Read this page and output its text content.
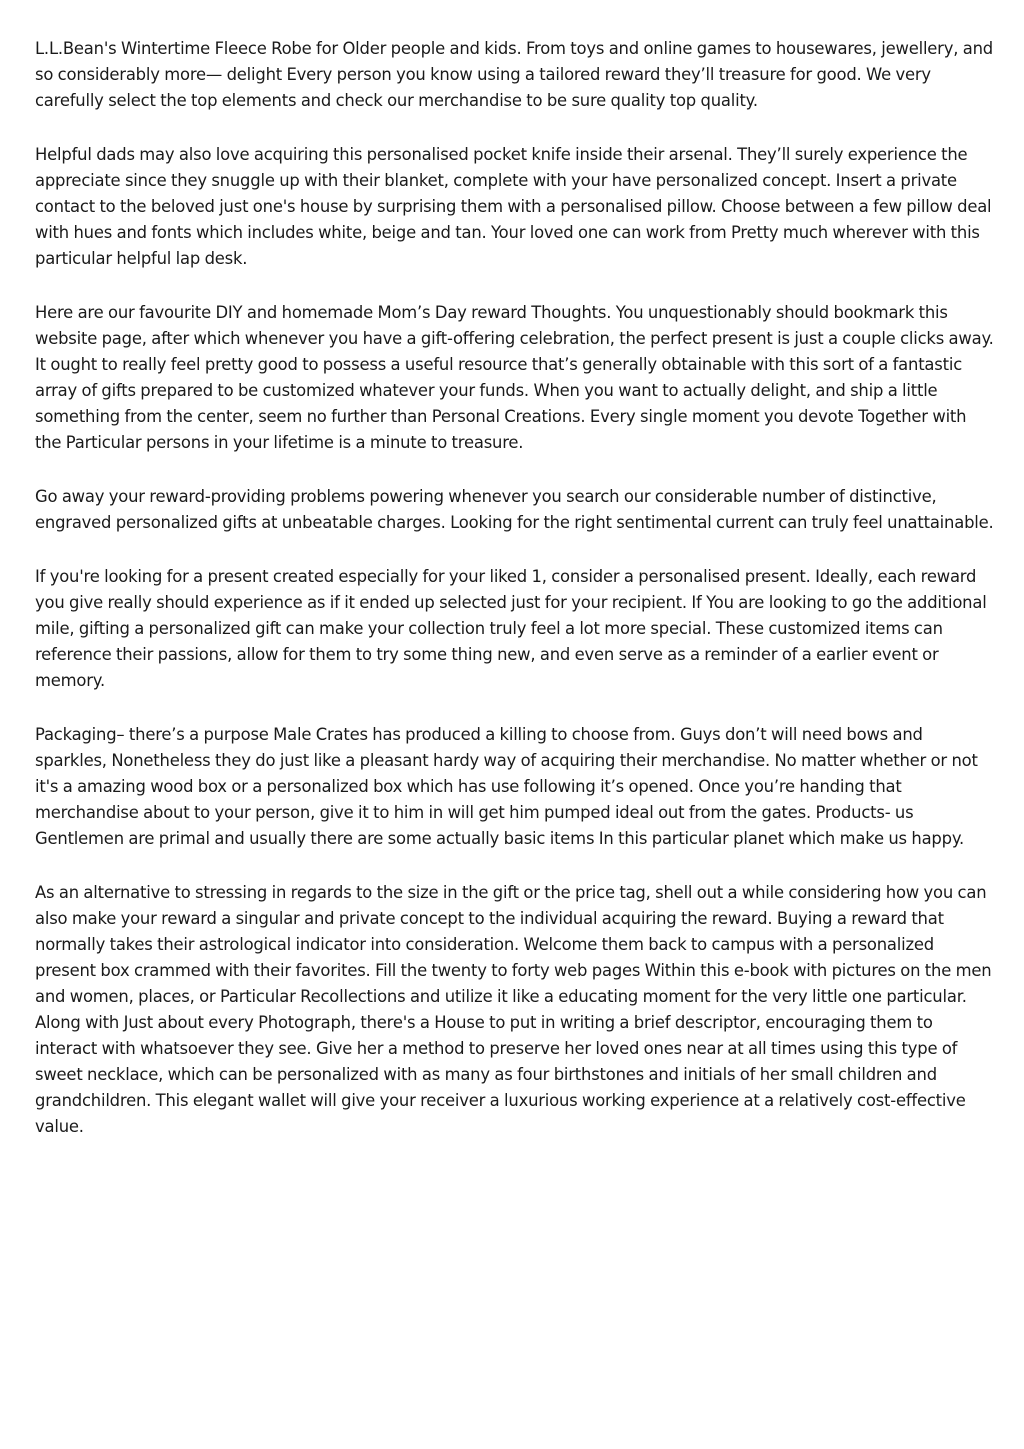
L.L.Bean's Wintertime Fleece Robe for Older people and kids. From toys and online games to housewares, jewellery, and so considerably more— delight Every person you know using a tailored reward they’ll treasure for good. We very carefully select the top elements and check our merchandise to be sure quality top quality.

Helpful dads may also love acquiring this personalised pocket knife inside their arsenal. They’ll surely experience the appreciate since they snuggle up with their blanket, complete with your have personalized concept. Insert a private contact to the beloved just one's house by surprising them with a personalised pillow. Choose between a few pillow deal with hues and fonts which includes white, beige and tan. Your loved one can work from Pretty much wherever with this particular helpful lap desk.

Here are our favourite DIY and homemade Mom’s Day reward Thoughts. You unquestionably should bookmark this website page, after which whenever you have a gift-offering celebration, the perfect present is just a couple clicks away. It ought to really feel pretty good to possess a useful resource that’s generally obtainable with this sort of a fantastic array of gifts prepared to be customized whatever your funds. When you want to actually delight, and ship a little something from the center, seem no further than Personal Creations. Every single moment you devote Together with the Particular persons in your lifetime is a minute to treasure.

Go away your reward-providing problems powering whenever you search our considerable number of distinctive, engraved personalized gifts at unbeatable charges. Looking for the right sentimental current can truly feel unattainable.

If you're looking for a present created especially for your liked 1, consider a personalised present. Ideally, each reward you give really should experience as if it ended up selected just for your recipient. If You are looking to go the additional mile, gifting a personalized gift can make your collection truly feel a lot more special. These customized items can reference their passions, allow for them to try some thing new, and even serve as a reminder of a earlier event or memory.

Packaging– there’s a purpose Male Crates has produced a killing to choose from. Guys don’t will need bows and sparkles, Nonetheless they do just like a pleasant hardy way of acquiring their merchandise. No matter whether or not it's a amazing wood box or a personalized box which has use following it’s opened. Once you’re handing that merchandise about to your person, give it to him in will get him pumped ideal out from the gates. Products- us Gentlemen are primal and usually there are some actually basic items In this particular planet which make us happy.

As an alternative to stressing in regards to the size in the gift or the price tag, shell out a while considering how you can also make your reward a singular and private concept to the individual acquiring the reward. Buying a reward that normally takes their astrological indicator into consideration. Welcome them back to campus with a personalized present box crammed with their favorites. Fill the twenty to forty web pages Within this e-book with pictures on the men and women, places, or Particular Recollections and utilize it like a educating moment for the very little one particular. Along with Just about every Photograph, there's a House to put in writing a brief descriptor, encouraging them to interact with whatsoever they see. Give her a method to preserve her loved ones near at all times using this type of sweet necklace, which can be personalized with as many as four birthstones and initials of her small children and grandchildren. This elegant wallet will give your receiver a luxurious working experience at a relatively cost-effective value.
